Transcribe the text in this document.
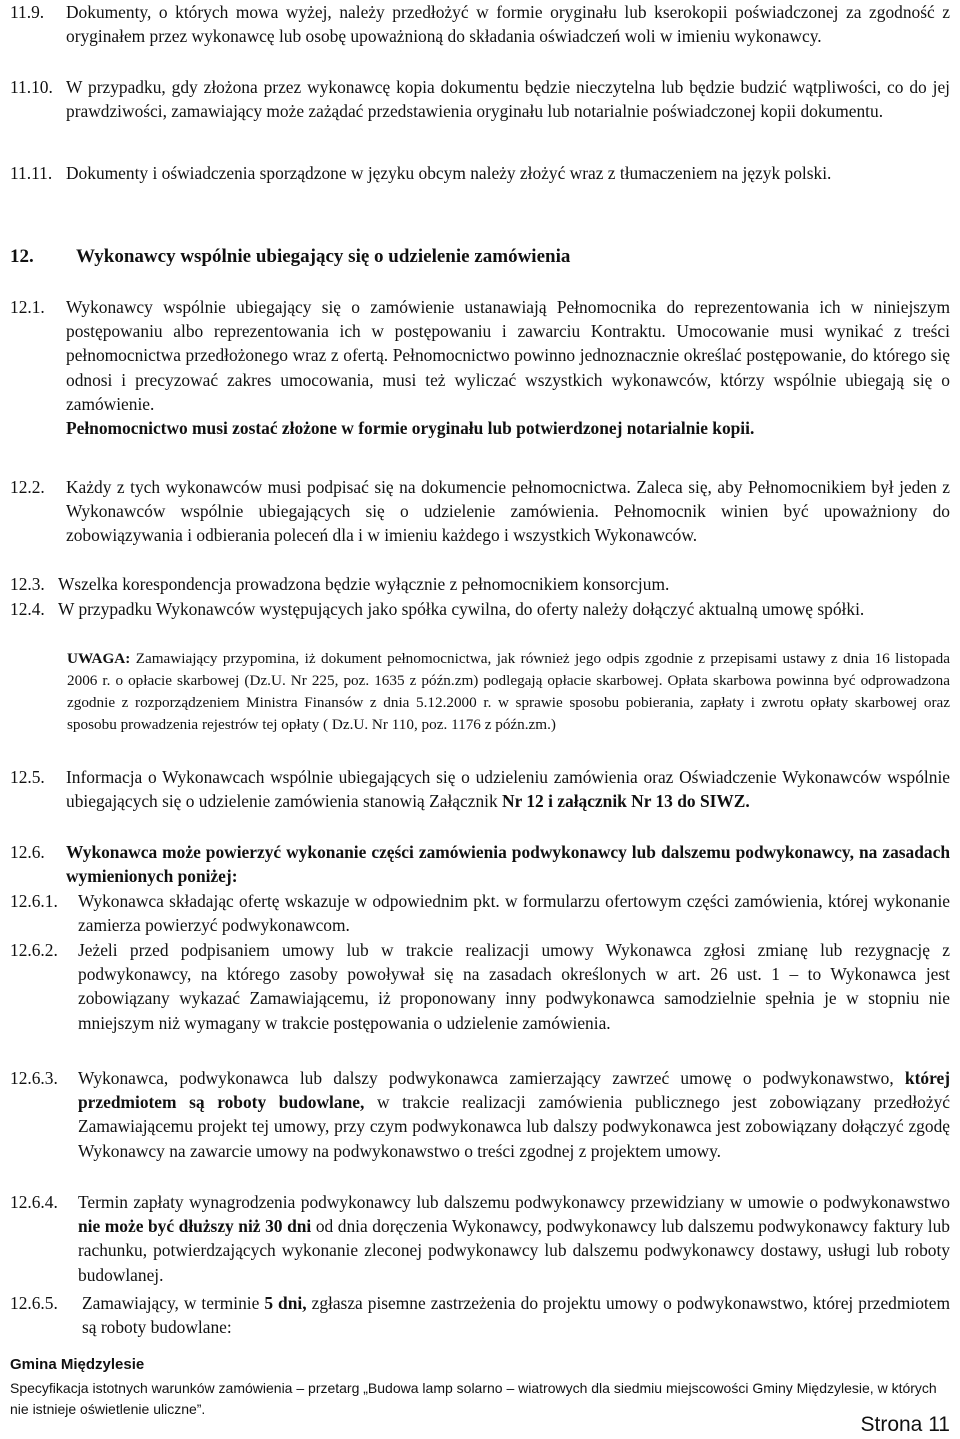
11.9. Dokumenty, o których mowa wyżej, należy przedłożyć w formie oryginału lub kserokopii poświadczonej za zgodność z oryginałem przez wykonawcę lub osobę upoważnioną do składania oświadczeń woli w imieniu wykonawcy.
11.10. W przypadku, gdy złożona przez wykonawcę kopia dokumentu będzie nieczytelna lub będzie budzić wątpliwości, co do jej prawdziwości, zamawiający może zażądać przedstawienia oryginału lub notarialnie poświadczonej kopii dokumentu.
11.11. Dokumenty i oświadczenia sporządzone w języku obcym należy złożyć wraz z tłumaczeniem na język polski.
12. Wykonawcy wspólnie ubiegający się o udzielenie zamówienia
12.1. Wykonawcy wspólnie ubiegający się o zamówienie ustanawiają Pełnomocnika do reprezentowania ich w niniejszym postępowaniu albo reprezentowania ich w postępowaniu i zawarciu Kontraktu. Umocowanie musi wynikać z treści pełnomocnictwa przedłożonego wraz z ofertą. Pełnomocnictwo powinno jednoznacznie określać postępowanie, do którego się odnosi i precyzować zakres umocowania, musi też wyliczać wszystkich wykonawców, którzy wspólnie ubiegają się o zamówienie.
Pełnomocnictwo musi zostać złożone w formie oryginału lub potwierdzonej notarialnie kopii.
12.2. Każdy z tych wykonawców musi podpisać się na dokumencie pełnomocnictwa. Zaleca się, aby Pełnomocnikiem był jeden z Wykonawców wspólnie ubiegających się o udzielenie zamówienia. Pełnomocnik winien być upoważniony do zobowiązywania i odbierania poleceń dla i w imieniu każdego i wszystkich Wykonawców.
12.3. Wszelka korespondencja prowadzona będzie wyłącznie z pełnomocnikiem konsorcjum.
12.4. W przypadku Wykonawców występujących jako spółka cywilna, do oferty należy dołączyć aktualną umowę spółki.
UWAGA: Zamawiający przypomina, iż dokument pełnomocnictwa, jak również jego odpis zgodnie z przepisami ustawy z dnia 16 listopada 2006 r. o opłacie skarbowej (Dz.U. Nr 225, poz. 1635 z późn.zm) podlegają opłacie skarbowej. Opłata skarbowa powinna być odprowadzona zgodnie z rozporządzeniem Ministra Finansów z dnia 5.12.2000 r. w sprawie sposobu pobierania, zapłaty i zwrotu opłaty skarbowej oraz sposobu prowadzenia rejestrów tej opłaty ( Dz.U. Nr 110, poz. 1176 z późn.zm.)
12.5. Informacja o Wykonawcach wspólnie ubiegających się o udzieleniu zamówienia oraz Oświadczenie Wykonawców wspólnie ubiegających się o udzielenie zamówienia stanowią Załącznik Nr 12 i załącznik Nr 13 do SIWZ.
12.6. Wykonawca może powierzyć wykonanie części zamówienia podwykonawcy lub dalszemu podwykonawcy, na zasadach wymienionych poniżej:
12.6.1. Wykonawca składając ofertę wskazuje w odpowiednim pkt. w formularzu ofertowym części zamówienia, której wykonanie zamierza powierzyć podwykonawcom.
12.6.2. Jeżeli przed podpisaniem umowy lub w trakcie realizacji umowy Wykonawca zgłosi zmianę lub rezygnację z podwykonawcy, na którego zasoby powoływał się na zasadach określonych w art. 26 ust. 1 – to Wykonawca jest zobowiązany wykazać Zamawiającemu, iż proponowany inny podwykonawca samodzielnie spełnia je w stopniu nie mniejszym niż wymagany w trakcie postępowania o udzielenie zamówienia.
12.6.3. Wykonawca, podwykonawca lub dalszy podwykonawca zamierzający zawrzeć umowę o podwykonawstwo, której przedmiotem są roboty budowlane, w trakcie realizacji zamówienia publicznego jest zobowiązany przedłożyć Zamawiającemu projekt tej umowy, przy czym podwykonawca lub dalszy podwykonawca jest zobowiązany dołączyć zgodę Wykonawcy na zawarcie umowy na podwykonawstwo o treści zgodnej z projektem umowy.
12.6.4. Termin zapłaty wynagrodzenia podwykonawcy lub dalszemu podwykonawcy przewidziany w umowie o podwykonawstwo nie może być dłuższy niż 30 dni od dnia doręczenia Wykonawcy, podwykonawcy lub dalszemu podwykonawcy faktury lub rachunku, potwierdzających wykonanie zleconej podwykonawcy lub dalszemu podwykonawcy dostawy, usługi lub roboty budowlanej.
12.6.5. Zamawiający, w terminie 5 dni, zgłasza pisemne zastrzeżenia do projektu umowy o podwykonawstwo, której przedmiotem są roboty budowlane:
Gmina Międzylesie
Specyfikacja istotnych warunków zamówienia – przetarg „Budowa lamp solarno – wiatrowych dla siedmiu miejscowości Gminy Międzylesie, w których nie istnieje oświetlenie uliczne”.
Strona 11
